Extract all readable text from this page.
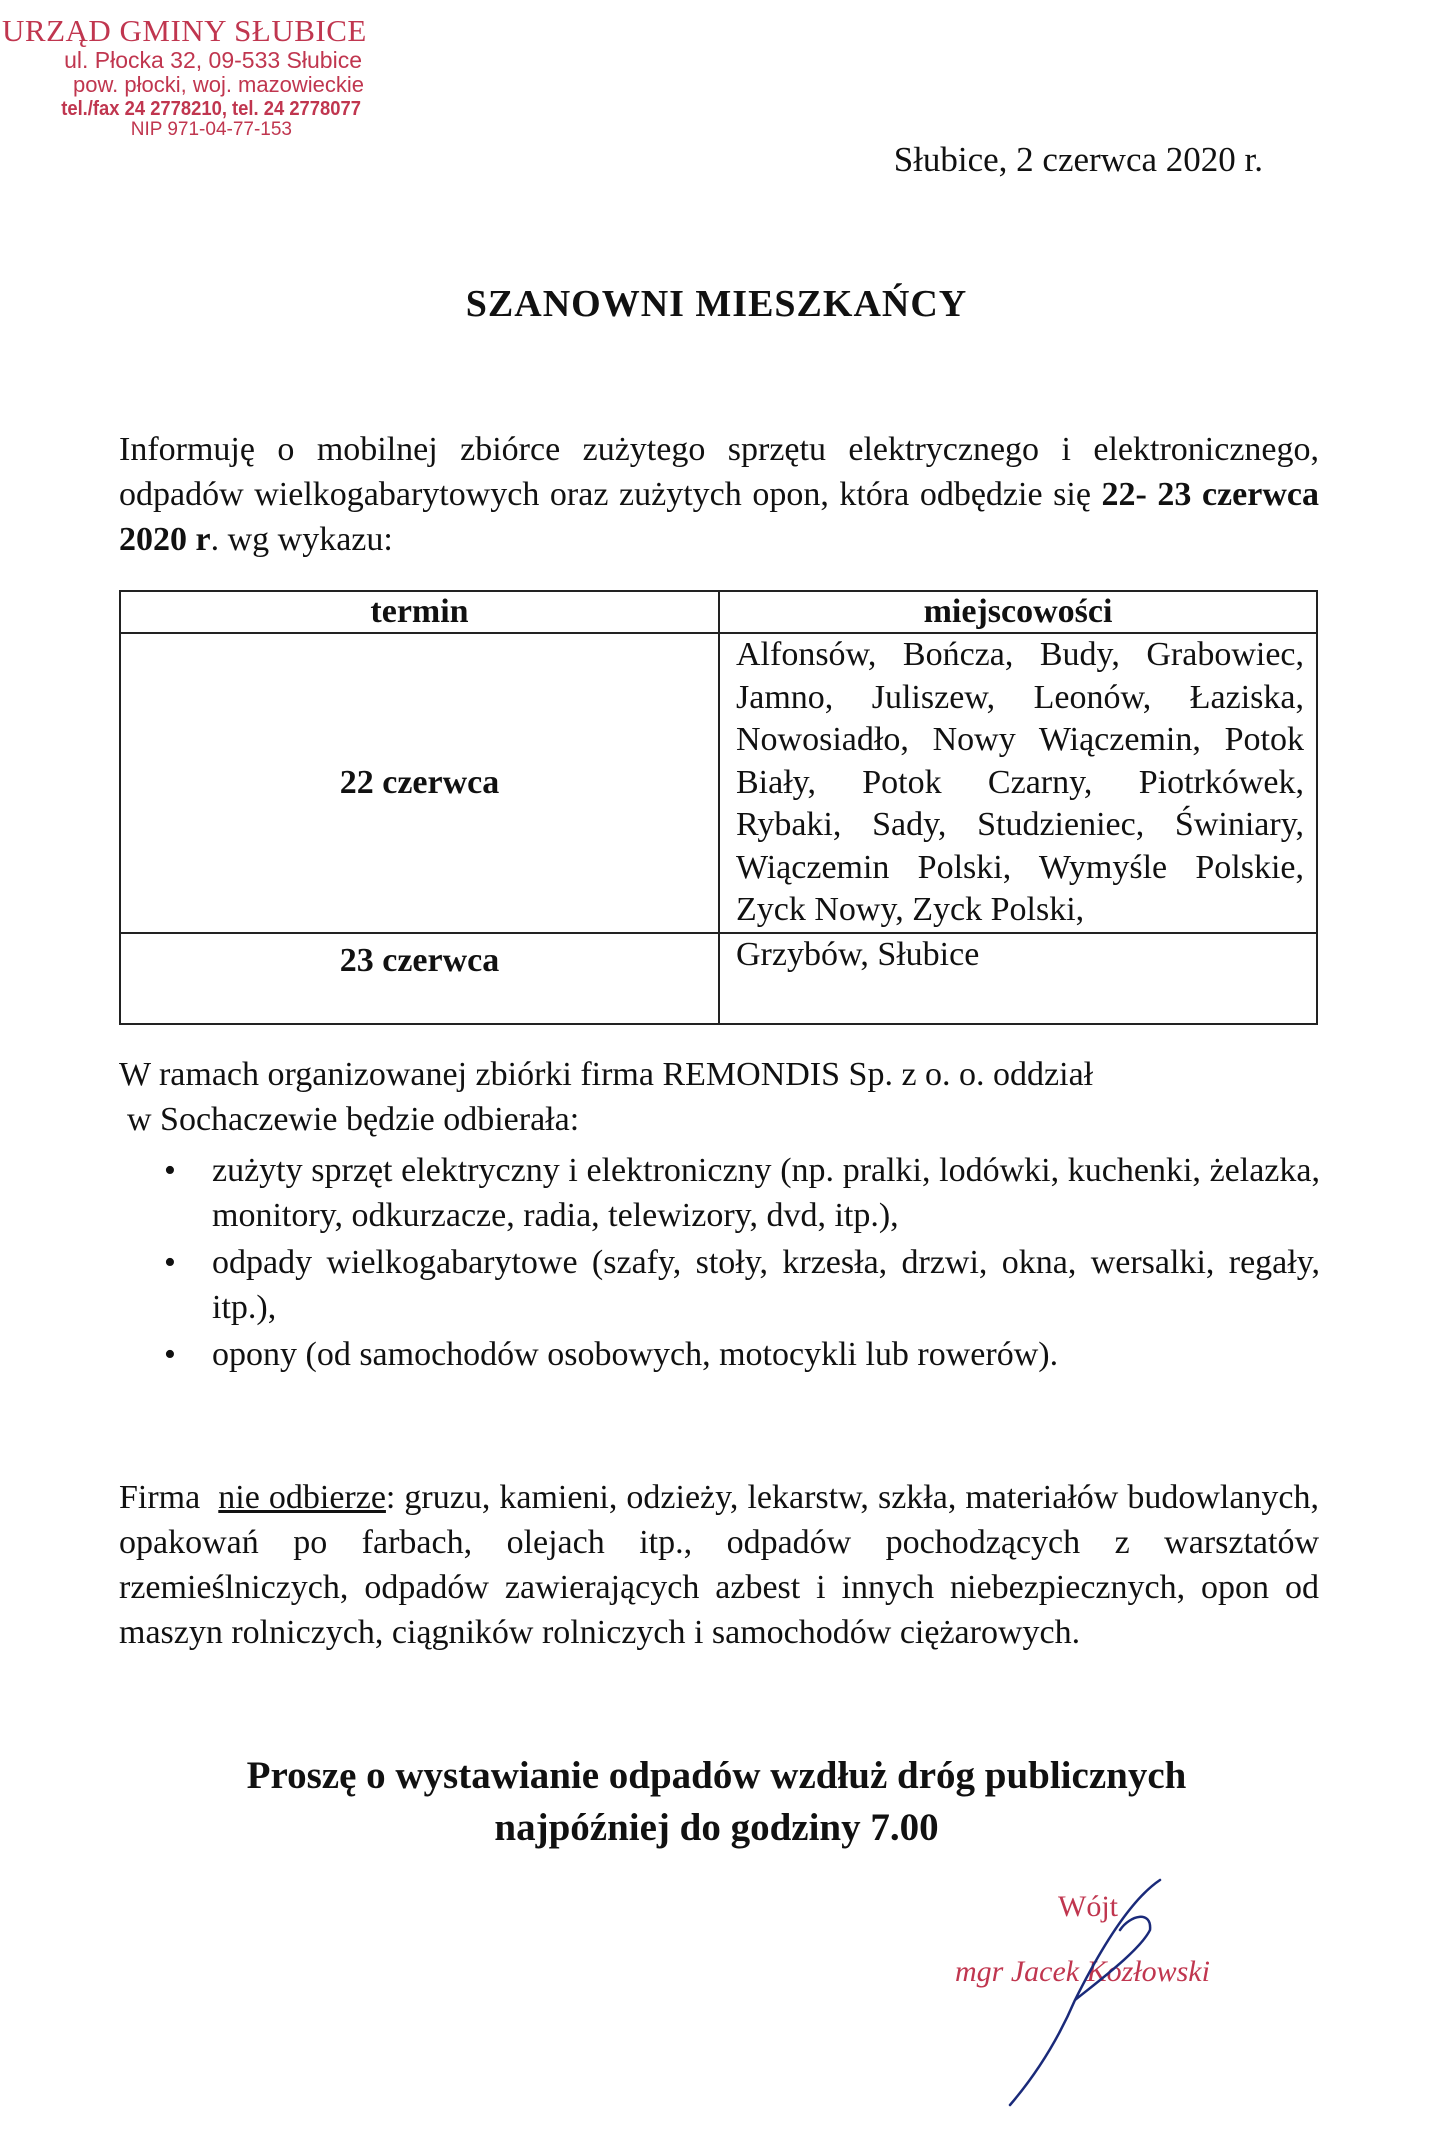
URZĄD GMINY SŁUBICE
ul. Płocka 32, 09-533 Słubice
pow. płocki, woj. mazowieckie
tel./fax 24 2778210, tel. 24 2778077
NIP 971-04-77-153
Słubice, 2 czerwca 2020 r.
SZANOWNI MIESZKAŃCY
Informuję o mobilnej zbiórce zużytego sprzętu elektrycznego i elektronicznego, odpadów wielkogabarytowych oraz zużytych opon, która odbędzie się 22- 23 czerwca 2020 r. wg wykazu:
termin	miejscowości
22 czerwca	Alfonsów, Bończa, Budy, Grabowiec, Jamno, Juliszew, Leonów, Łaziska, Nowosiadło, Nowy Wiączemin, Potok Biały, Potok Czarny, Piotrkówek, Rybaki, Sady, Studzieniec, Świniary, Wiączemin Polski, Wymyśle Polskie, Zyck Nowy, Zyck Polski,
23 czerwca	Grzybów, Słubice
W ramach organizowanej zbiórki firma REMONDIS Sp. z o. o. oddział
w Sochaczewie będzie odbierała:
• zużyty sprzęt elektryczny i elektroniczny (np. pralki, lodówki, kuchenki, żelazka, monitory, odkurzacze, radia, telewizory, dvd, itp.),
• odpady wielkogabarytowe (szafy, stoły, krzesła, drzwi, okna, wersalki, regały, itp.),
• opony (od samochodów osobowych, motocykli lub rowerów).
Firma nie odbierze: gruzu, kamieni, odzieży, lekarstw, szkła, materiałów budowlanych, opakowań po farbach, olejach itp., odpadów pochodzących z warsztatów rzemieślniczych, odpadów zawierających azbest i innych niebezpiecznych, opon od maszyn rolniczych, ciągników rolniczych i samochodów ciężarowych.
Proszę o wystawianie odpadów wzdłuż dróg publicznych
najpóźniej do godziny 7.00
Wójt
mgr Jacek Kozłowski
